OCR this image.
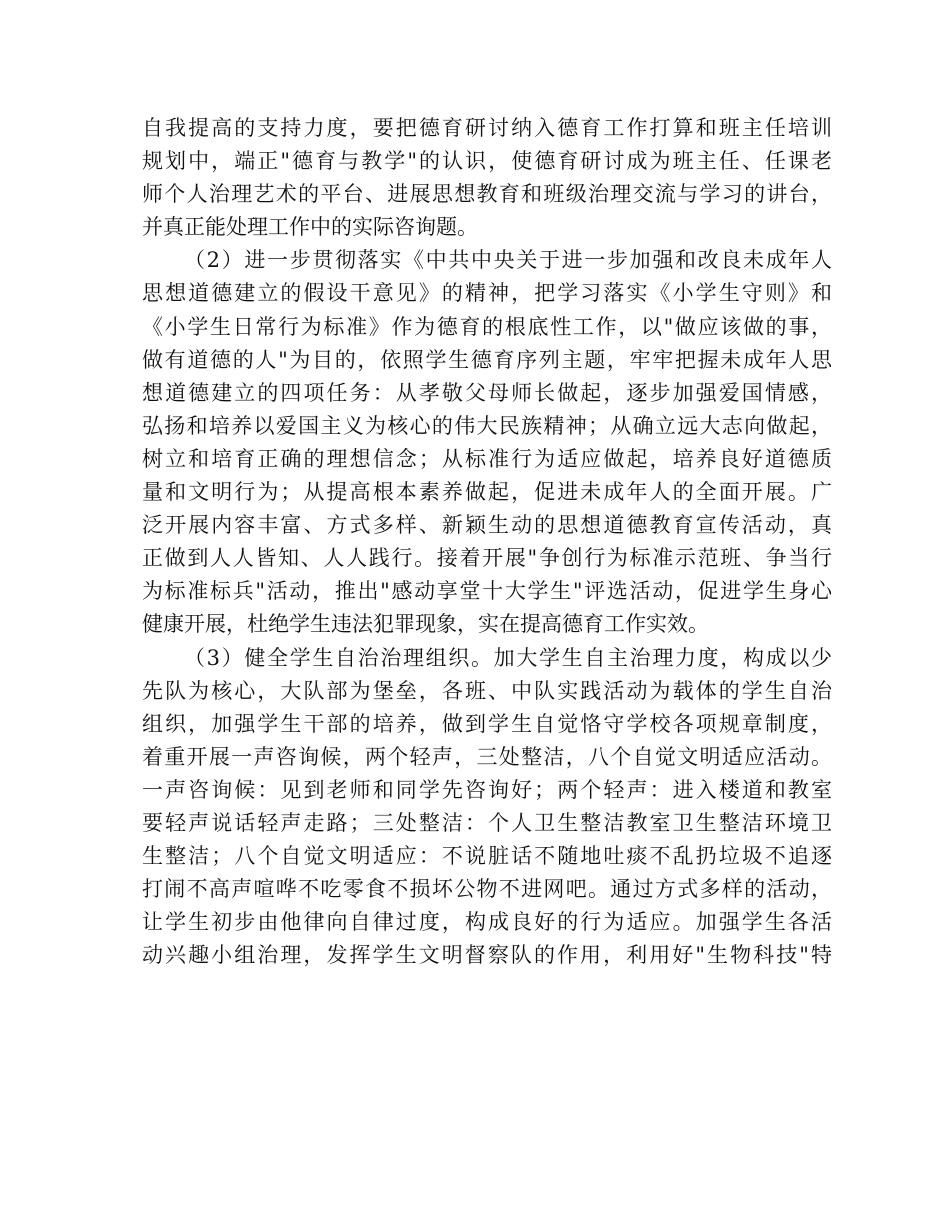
自我提高的支持力度，要把德育研讨纳入德育工作打算和班主任培训
规划中，端正"德育与教学"的认识，使德育研讨成为班主任、任课老
师个人治理艺术的平台、进展思想教育和班级治理交流与学习的讲台，
并真正能处理工作中的实际咨询题。
（2）进一步贯彻落实《中共中央关于进一步加强和改良未成年人
思想道德建立的假设干意见》的精神，把学习落实《小学生守则》和
《小学生日常行为标准》作为德育的根底性工作，以"做应该做的事，
做有道德的人"为目的，依照学生德育序列主题，牢牢把握未成年人思
想道德建立的四项任务：从孝敬父母师长做起，逐步加强爱国情感，
弘扬和培养以爱国主义为核心的伟大民族精神；从确立远大志向做起，
树立和培育正确的理想信念；从标准行为适应做起，培养良好道德质
量和文明行为；从提高根本素养做起，促进未成年人的全面开展。广
泛开展内容丰富、方式多样、新颖生动的思想道德教育宣传活动，真
正做到人人皆知、人人践行。接着开展"争创行为标准示范班、争当行
为标准标兵"活动，推出"感动享堂十大学生"评选活动，促进学生身心
健康开展，杜绝学生违法犯罪现象，实在提高德育工作实效。
（3）健全学生自治治理组织。加大学生自主治理力度，构成以少
先队为核心，大队部为堡垒，各班、中队实践活动为载体的学生自治
组织，加强学生干部的培养，做到学生自觉恪守学校各项规章制度，
着重开展一声咨询候，两个轻声，三处整洁，八个自觉文明适应活动。
一声咨询候：见到老师和同学先咨询好；两个轻声：进入楼道和教室
要轻声说话轻声走路；三处整洁：个人卫生整洁教室卫生整洁环境卫
生整洁；八个自觉文明适应：不说脏话不随地吐痰不乱扔垃圾不追逐
打闹不高声喧哗不吃零食不损坏公物不进网吧。通过方式多样的活动，
让学生初步由他律向自律过度，构成良好的行为适应。加强学生各活
动兴趣小组治理，发挥学生文明督察队的作用，利用好"生物科技"特
